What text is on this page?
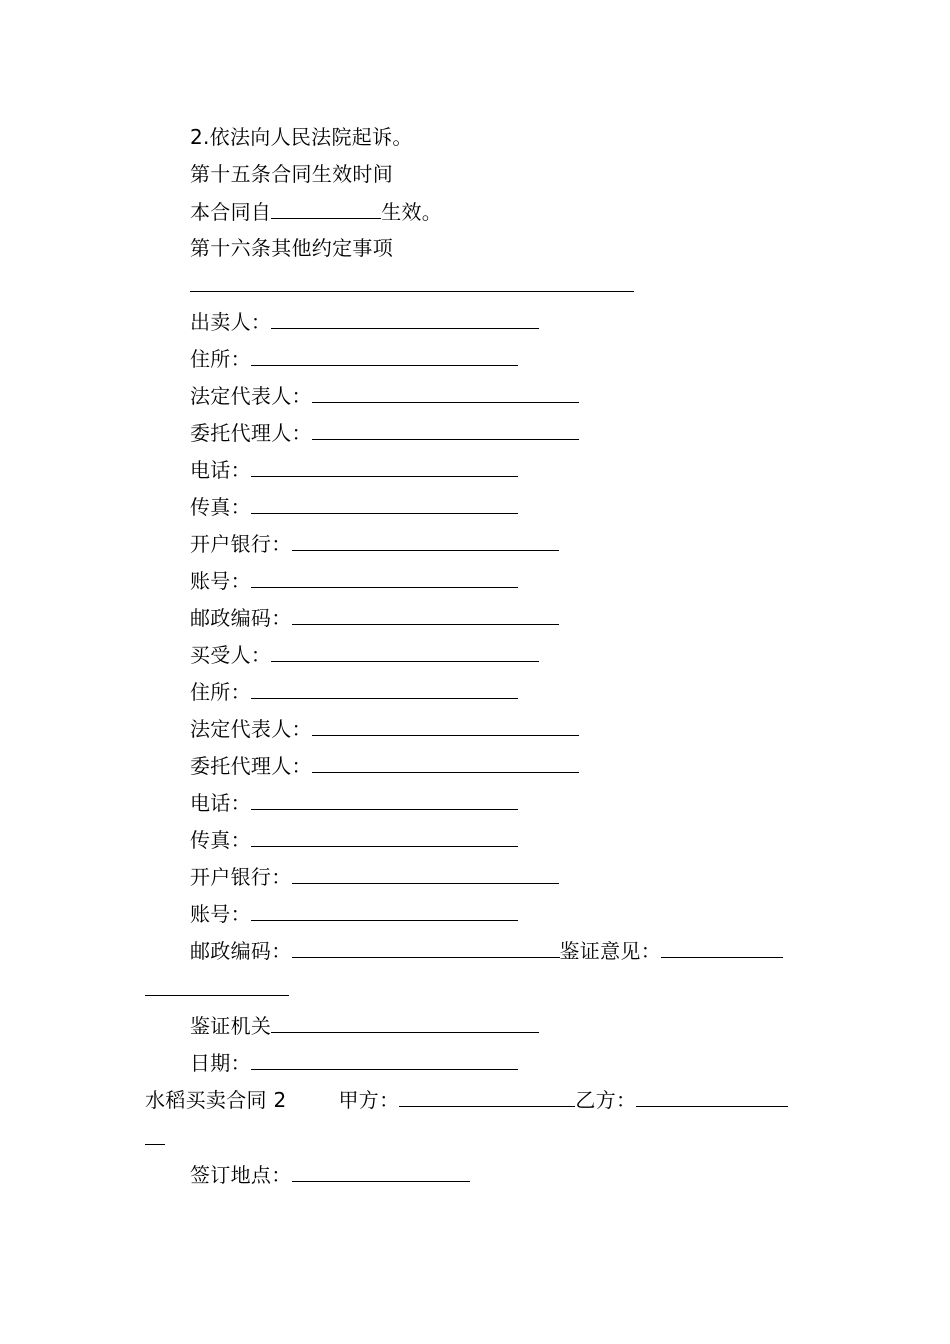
2.依法向人民法院起诉。
第十五条合同生效时间
本合同自	生效。
第十六条其他约定事项
出卖人：
住所：
法定代表人：
委托代理人：
电话：
传真：
开户银行：
账号：
邮政编码：
买受人：
住所：
法定代表人：
委托代理人：
电话：
传真：
开户银行：
账号：
邮政编码：	鉴证意见：
鉴证机关
日期：
水稻买卖合同 2	甲方：	乙方：
签订地点：
